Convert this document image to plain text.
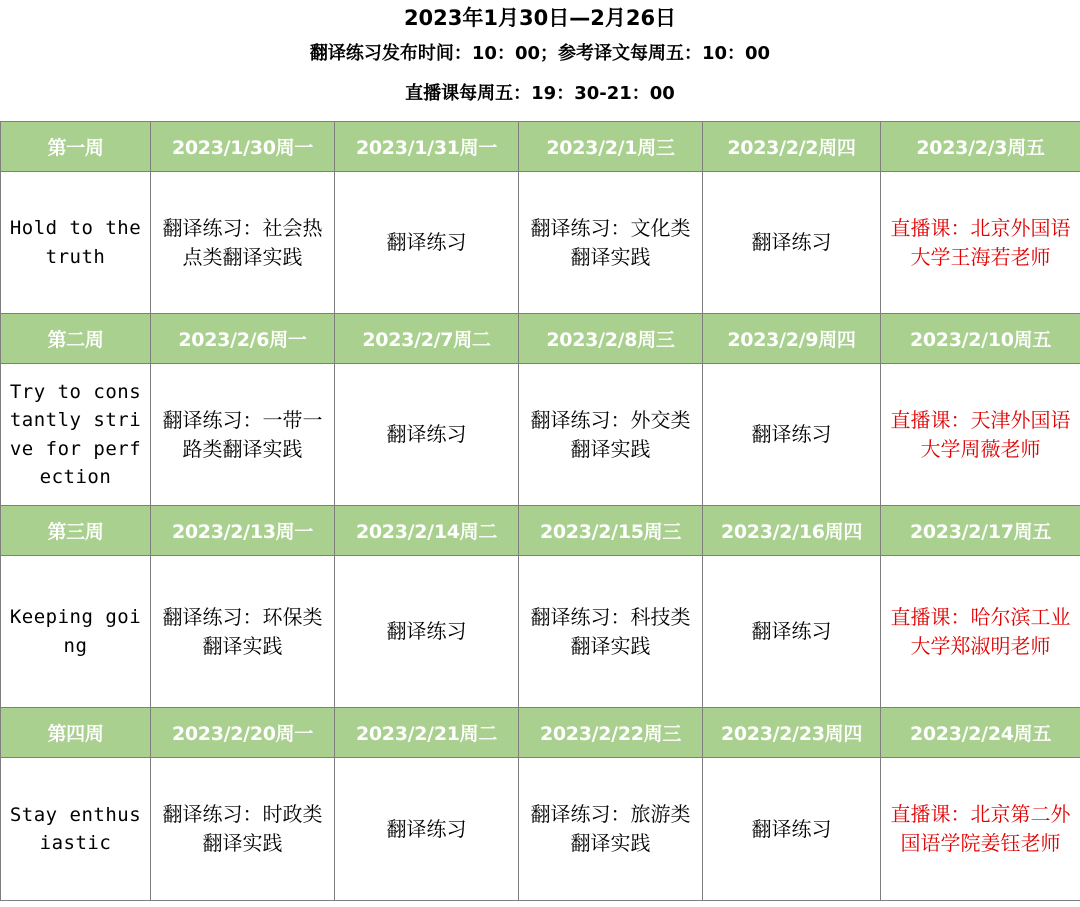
2023年1月30日—2月26日
翻译练习发布时间：10：00；参考译文每周五：10：00
直播课每周五：19：30-21：00
第一周	2023/1/30周一	2023/1/31周一	2023/2/1周三	2023/2/2周四	2023/2/3周五
Hold to the truth	翻译练习：社会热点类翻译实践	翻译练习	翻译练习：文化类翻译实践	翻译练习	直播课：北京外国语大学王海若老师
第二周	2023/2/6周一	2023/2/7周二	2023/2/8周三	2023/2/9周四	2023/2/10周五
Try to constantly strive for perfection	翻译练习：一带一路类翻译实践	翻译练习	翻译练习：外交类翻译实践	翻译练习	直播课：天津外国语大学周薇老师
第三周	2023/2/13周一	2023/2/14周二	2023/2/15周三	2023/2/16周四	2023/2/17周五
Keeping going	翻译练习：环保类翻译实践	翻译练习	翻译练习：科技类翻译实践	翻译练习	直播课：哈尔滨工业大学郑淑明老师
第四周	2023/2/20周一	2023/2/21周二	2023/2/22周三	2023/2/23周四	2023/2/24周五
Stay enthusiastic	翻译练习：时政类翻译实践	翻译练习	翻译练习：旅游类翻译实践	翻译练习	直播课：北京第二外国语学院姜钰老师
